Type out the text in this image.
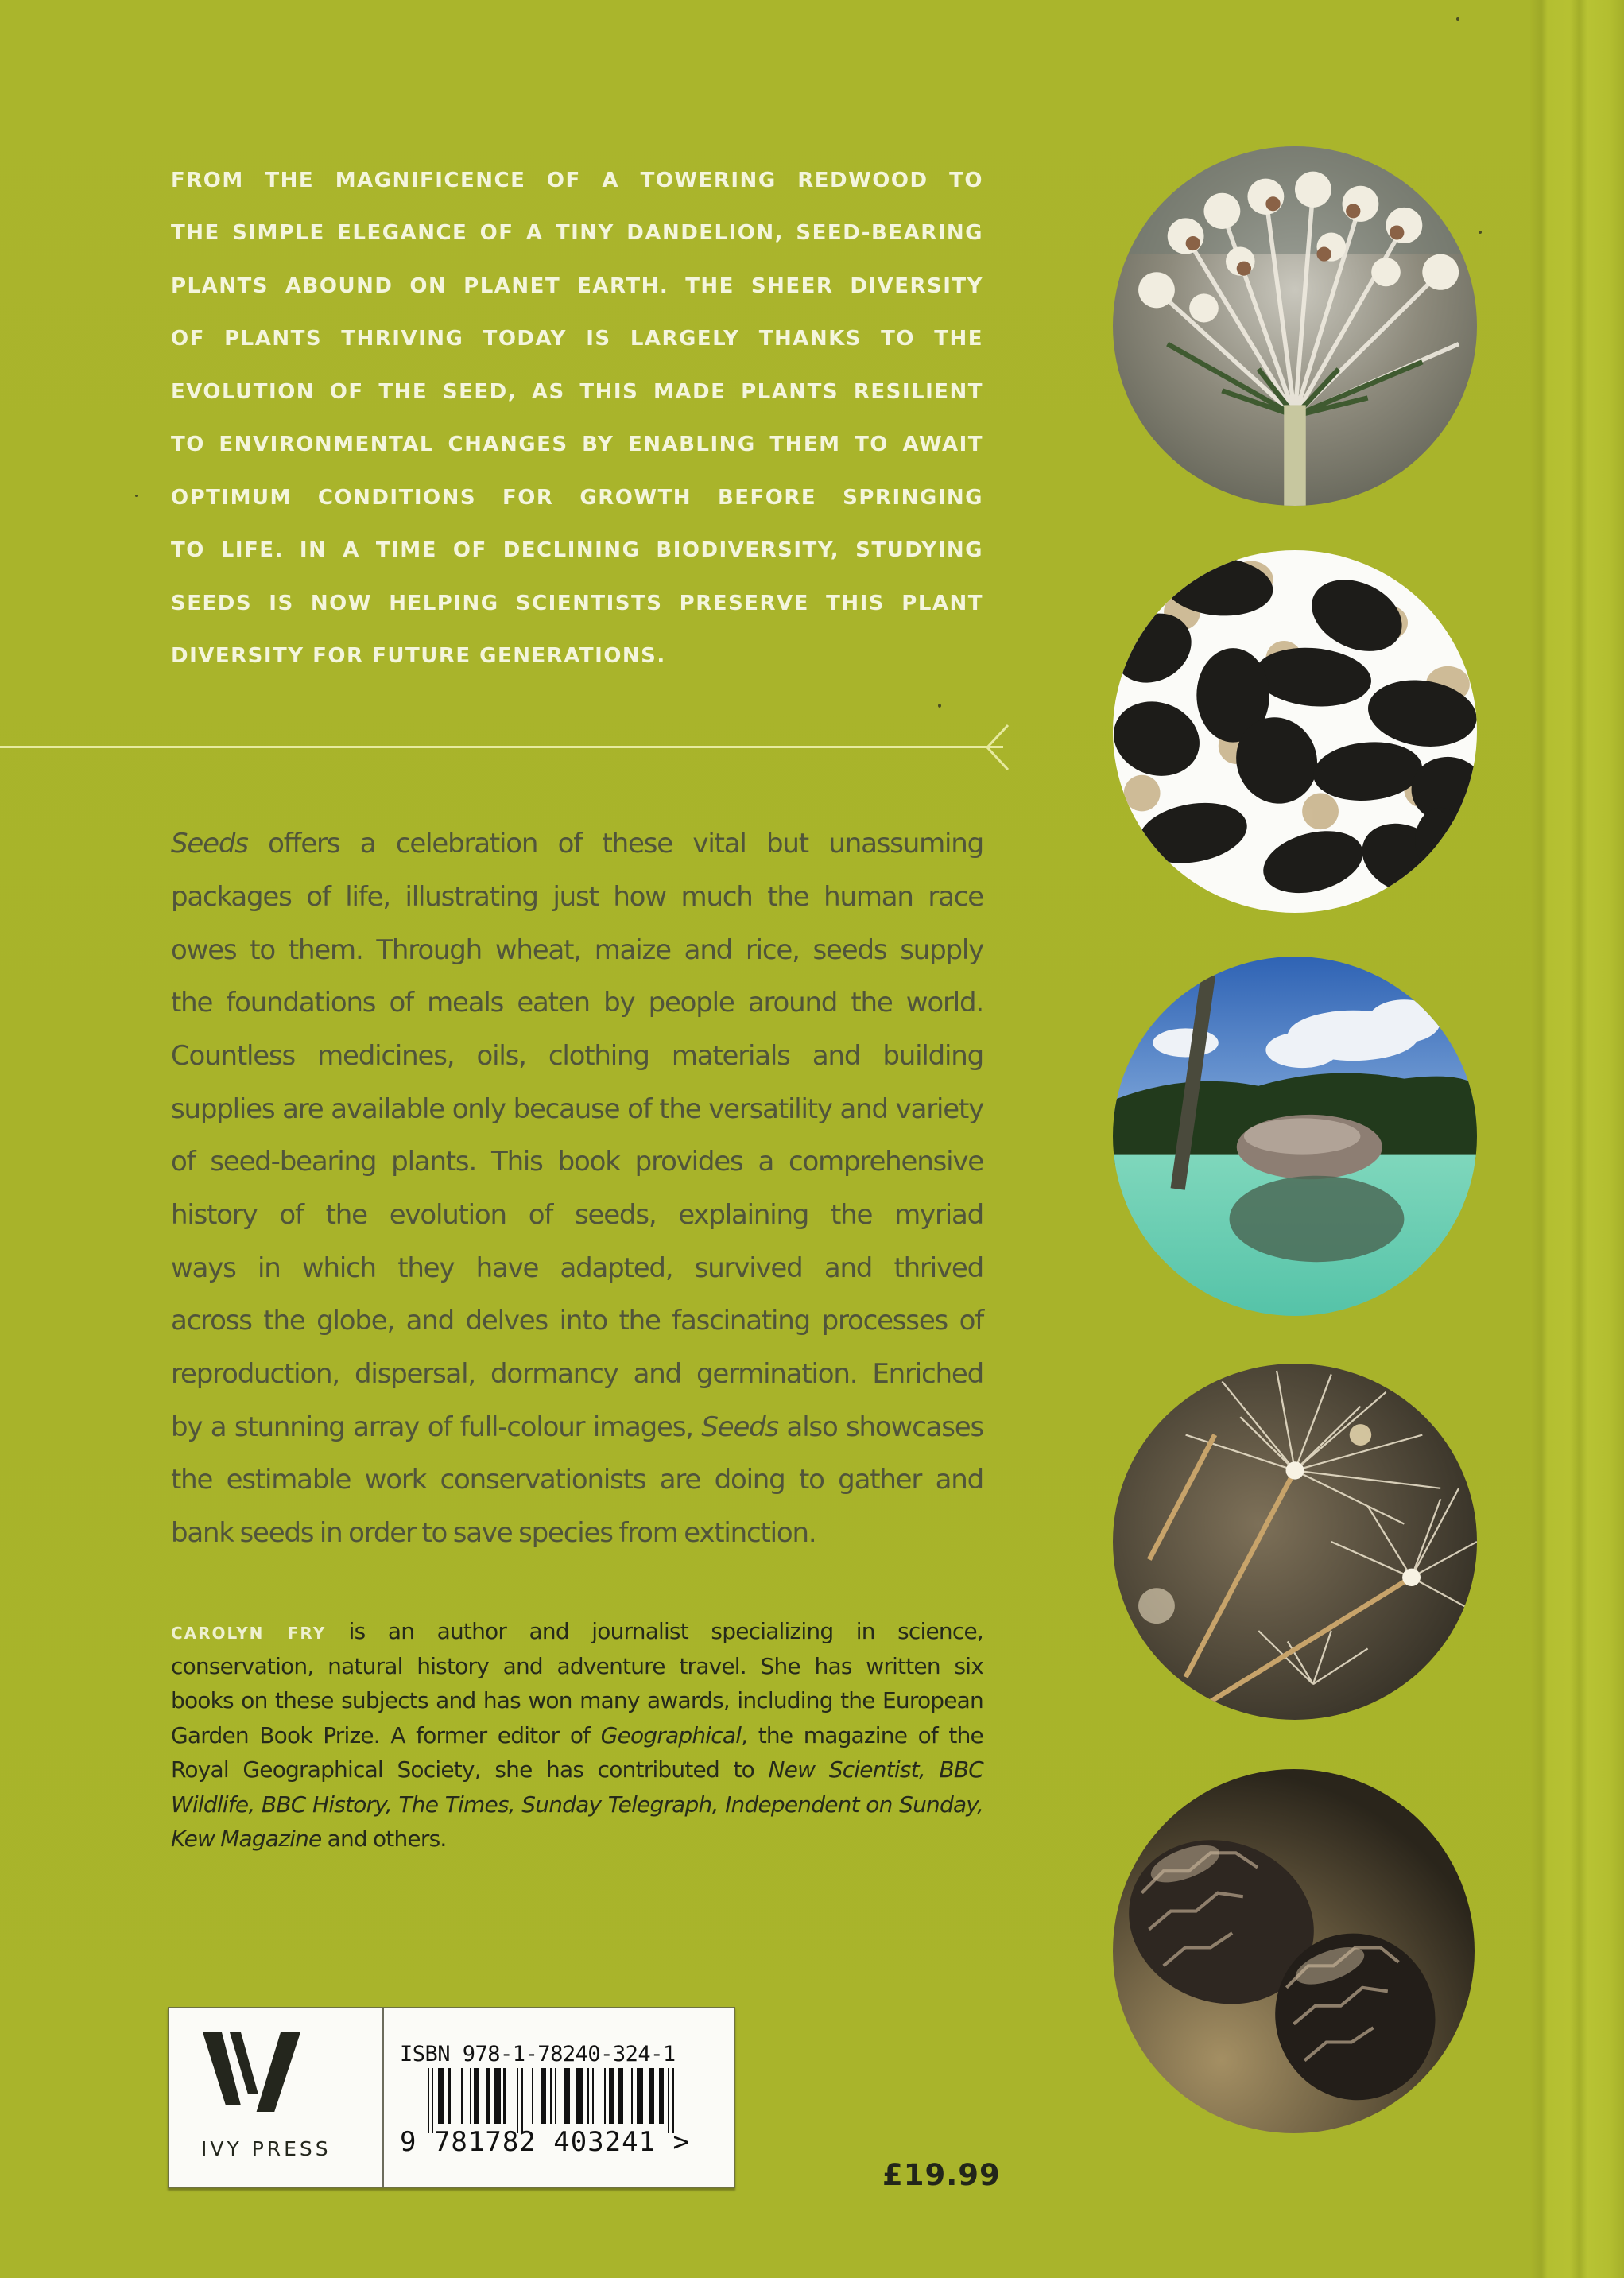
FROM THE MAGNIFICENCE OF A TOWERING REDWOOD TO
THE SIMPLE ELEGANCE OF A TINY DANDELION, SEED-BEARING
PLANTS ABOUND ON PLANET EARTH. THE SHEER DIVERSITY
OF PLANTS THRIVING TODAY IS LARGELY THANKS TO THE
EVOLUTION OF THE SEED, AS THIS MADE PLANTS RESILIENT
TO ENVIRONMENTAL CHANGES BY ENABLING THEM TO AWAIT
OPTIMUM CONDITIONS FOR GROWTH BEFORE SPRINGING
TO LIFE. IN A TIME OF DECLINING BIODIVERSITY, STUDYING
SEEDS IS NOW HELPING SCIENTISTS PRESERVE THIS PLANT
DIVERSITY FOR FUTURE GENERATIONS.
Seeds offers a celebration of these vital but unassuming
packages of life, illustrating just how much the human race
owes to them. Through wheat, maize and rice, seeds supply
the foundations of meals eaten by people around the world.
Countless medicines, oils, clothing materials and building
supplies are available only because of the versatility and variety
of seed-bearing plants. This book provides a comprehensive
history of the evolution of seeds, explaining the myriad
ways in which they have adapted, survived and thrived
across the globe, and delves into the fascinating processes of
reproduction, dispersal, dormancy and germination. Enriched
by a stunning array of full-colour images, Seeds also showcases
the estimable work conservationists are doing to gather and
bank seeds in order to save species from extinction.
CAROLYN FRY is an author and journalist specializing in science,
conservation, natural history and adventure travel. She has written six
books on these subjects and has won many awards, including the European
Garden Book Prize. A former editor of Geographical, the magazine of the
Royal Geographical Society, she has contributed to New Scientist, BBC
Wildlife, BBC History, The Times, Sunday Telegraph, Independent on Sunday,
Kew Magazine and others.
IVY PRESS
ISBN 978-1-78240-324-1
9 781782 403241 >
£19.99
